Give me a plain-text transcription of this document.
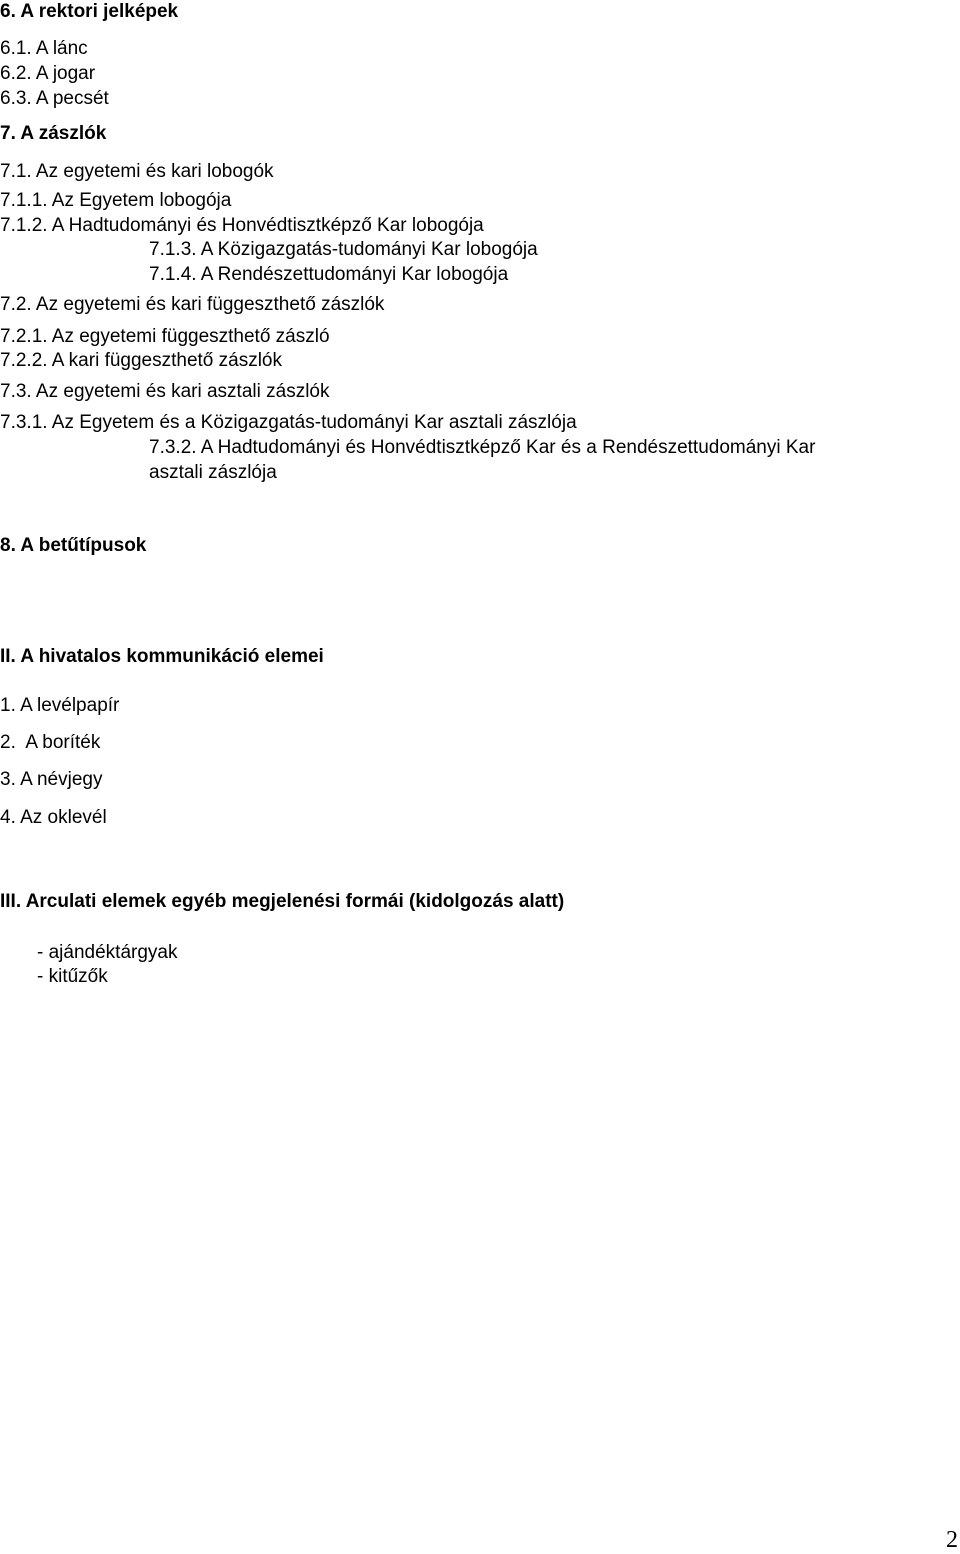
6. A rektori jelképek
6.1. A lánc
6.2. A jogar
6.3. A pecsét
7. A zászlók
7.1. Az egyetemi és kari lobogók
7.1.1. Az Egyetem lobogója
7.1.2. A Hadtudományi és Honvédtisztképző Kar lobogója
7.1.3. A Közigazgatás-tudományi Kar lobogója
7.1.4. A Rendészettudományi Kar lobogója
7.2. Az egyetemi és kari függeszthető zászlók
7.2.1. Az egyetemi függeszthető zászló
7.2.2. A kari függeszthető zászlók
7.3. Az egyetemi és kari asztali zászlók
7.3.1. Az Egyetem és a Közigazgatás-tudományi Kar asztali zászlója
7.3.2. A Hadtudományi és Honvédtisztképző Kar és a Rendészettudományi Kar
asztali zászlója
8. A betűtípusok
II. A hivatalos kommunikáció elemei
1. A levélpapír
2.  A boríték
3. A névjegy
4. Az oklevél
III. Arculati elemek egyéb megjelenési formái (kidolgozás alatt)
- ajándéktárgyak
- kitűzők
2
